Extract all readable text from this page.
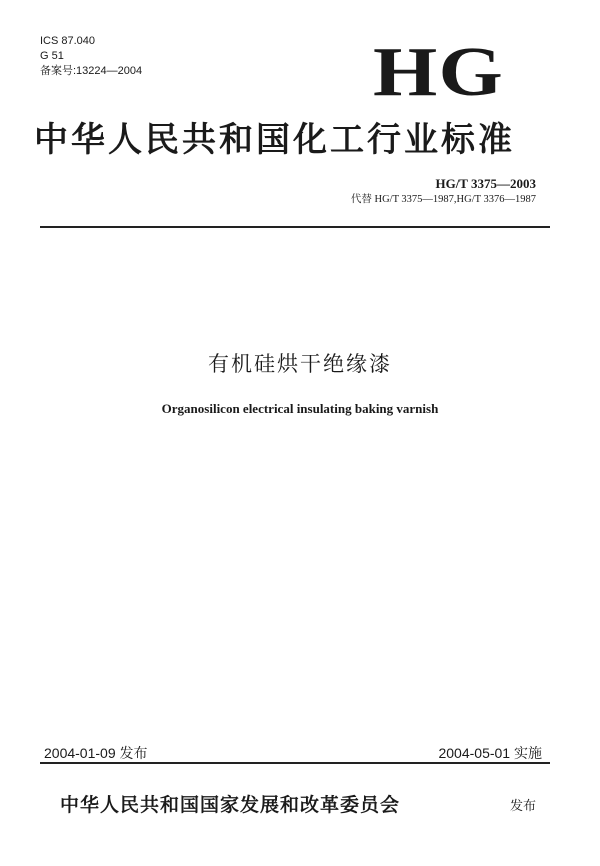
ICS 87.040
G 51
备案号:13224—2004	HG
中华人民共和国化工行业标准
HG/T 3375—2003
代替 HG/T 3375—1987,HG/T 3376—1987
有机硅烘干绝缘漆
Organosilicon electrical insulating baking varnish
2004-01-09 发布	2004-05-01 实施
中华人民共和国国家发展和改革委员会	发布
